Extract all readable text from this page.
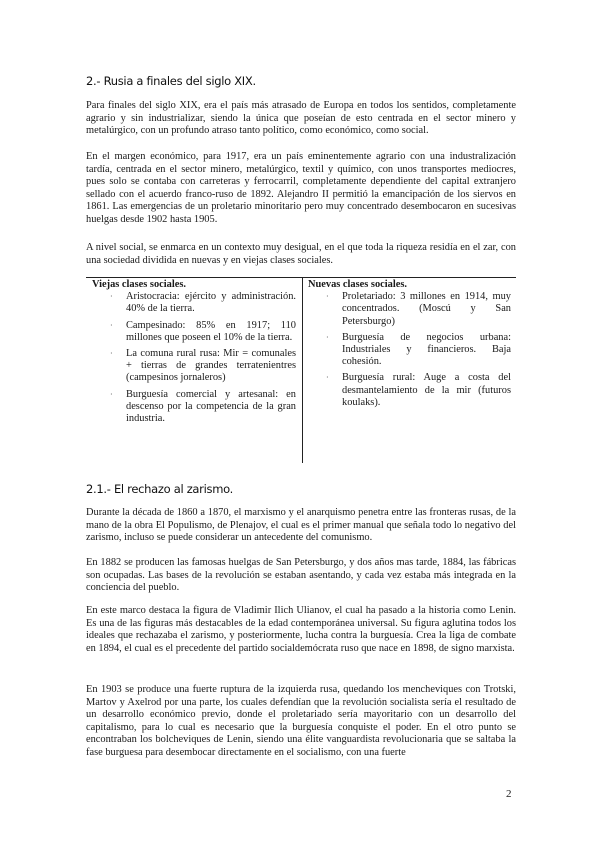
2.- Rusia a finales del siglo XIX.

Para finales del siglo XIX, era el país más atrasado de Europa en todos los sentidos, completamente agrario y sin industrializar, siendo la única que poseían de esto centrada en el sector minero y metalúrgico, con un profundo atraso tanto político, como económico, como social.

En el margen económico, para 1917, era un país eminentemente agrario con una industralización tardía, centrada en el sector minero, metalúrgico, textil y químico, con unos transportes mediocres, pues solo se contaba con carreteras y ferrocarril, completamente dependiente del capital extranjero sellado con el acuerdo franco-ruso de 1892. Alejandro II permitió la emancipación de los siervos en 1861. Las emergencias de un proletario minoritario pero muy concentrado desembocaron en sucesivas huelgas desde 1902 hasta 1905.

A nivel social, se enmarca en un contexto muy desigual, en el que toda la riqueza residía en el zar, con una sociedad dividida en nuevas y en viejas clases sociales.

Viejas clases sociales.
· Aristocracia: ejército y administración. 40% de la tierra.
· Campesinado: 85% en 1917; 110 millones que poseen el 10% de la tierra.
· La comuna rural rusa: Mir = comunales + tierras de grandes terratenientres (campesinos jornaleros)
· Burguesía comercial y artesanal: en descenso por la competencia de la gran industria.
Nuevas clases sociales.
· Proletariado: 3 millones en 1914, muy concentrados. (Moscú y San Petersburgo)
· Burguesía de negocios urbana: Industriales y financieros. Baja cohesión.
· Burguesía rural: Auge a costa del desmantelamiento de la mir (futuros koulaks).
2.1.- El rechazo al zarismo.

Durante la década de 1860 a 1870, el marxismo y el anarquismo penetra entre las fronteras rusas, de la mano de la obra El Populismo, de Plenajov, el cual es el primer manual que señala todo lo negativo del zarismo, incluso se puede considerar un antecedente del comunismo.

En 1882 se producen las famosas huelgas de San Petersburgo, y dos años mas tarde, 1884, las fábricas son ocupadas. Las bases de la revolución se estaban asentando, y cada vez estaba más integrada en la conciencia del pueblo.

En este marco destaca la figura de Vladimir Ilich Ulianov, el cual ha pasado a la historia como Lenin. Es una de las figuras más destacables de la edad contemporánea universal. Su figura aglutina todos los ideales que rechazaba el zarismo, y posteriormente, lucha contra la burguesía. Crea la liga de combate en 1894, el cual es el precedente del partido socialdemócrata ruso que nace en 1898, de signo marxista.

En 1903 se produce una fuerte ruptura de la izquierda rusa, quedando los mencheviques con Trotski, Martov y Axelrod por una parte, los cuales defendían que la revolución socialista sería el resultado de un desarrollo económico previo, donde el proletariado sería mayoritario con un desarrollo del capitalismo, para lo cual es necesario que la burguesía conquiste el poder. En el otro punto se encontraban los bolcheviques de Lenin, siendo una élite vanguardista revolucionaria que se saltaba la fase burguesa para desembocar directamente en el socialismo, con una fuerte

2
